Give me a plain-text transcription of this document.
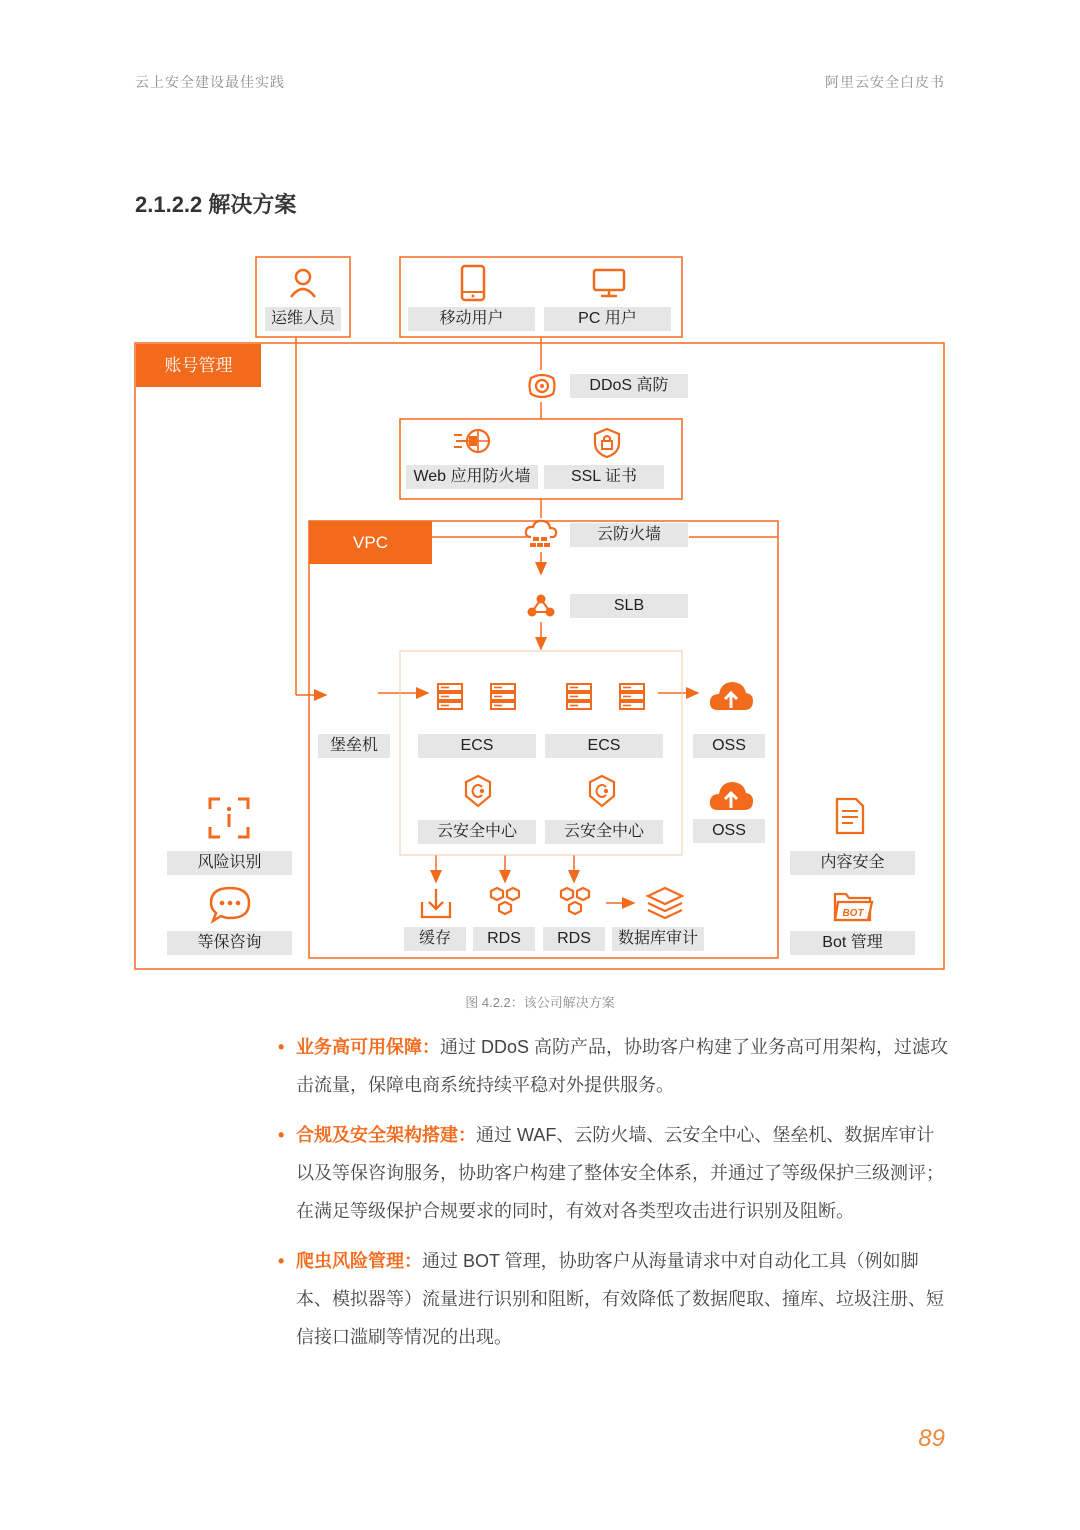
云上安全建设最佳实践	阿里云安全白皮书
2.1.2.2 解决方案
BOT
运维人员	移动用户	PC 用户
账号管理
DDoS 高防
Web 应用防火墙	SSL 证书
VPC	云防火墙
SLB
堡垒机	ECS	ECS	OSS
OSS
云安全中心	云安全中心
风险识别
等保咨询	缓存	RDS	RDS	数据库审计
内容安全
Bot 管理
图 4.2.2：该公司解决方案
• 业务高可用保障：通过 DDoS 高防产品，协助客户构建了业务高可用架构，过滤攻击流量，保障电商系统持续平稳对外提供服务。
• 合规及安全架构搭建：通过 WAF、云防火墙、云安全中心、堡垒机、数据库审计以及等保咨询服务，协助客户构建了整体安全体系，并通过了等级保护三级测评；在满足等级保护合规要求的同时，有效对各类型攻击进行识别及阻断。
• 爬虫风险管理：通过 BOT 管理，协助客户从海量请求中对自动化工具（例如脚本、模拟器等）流量进行识别和阻断，有效降低了数据爬取、撞库、垃圾注册、短信接口滥刷等情况的出现。
89
